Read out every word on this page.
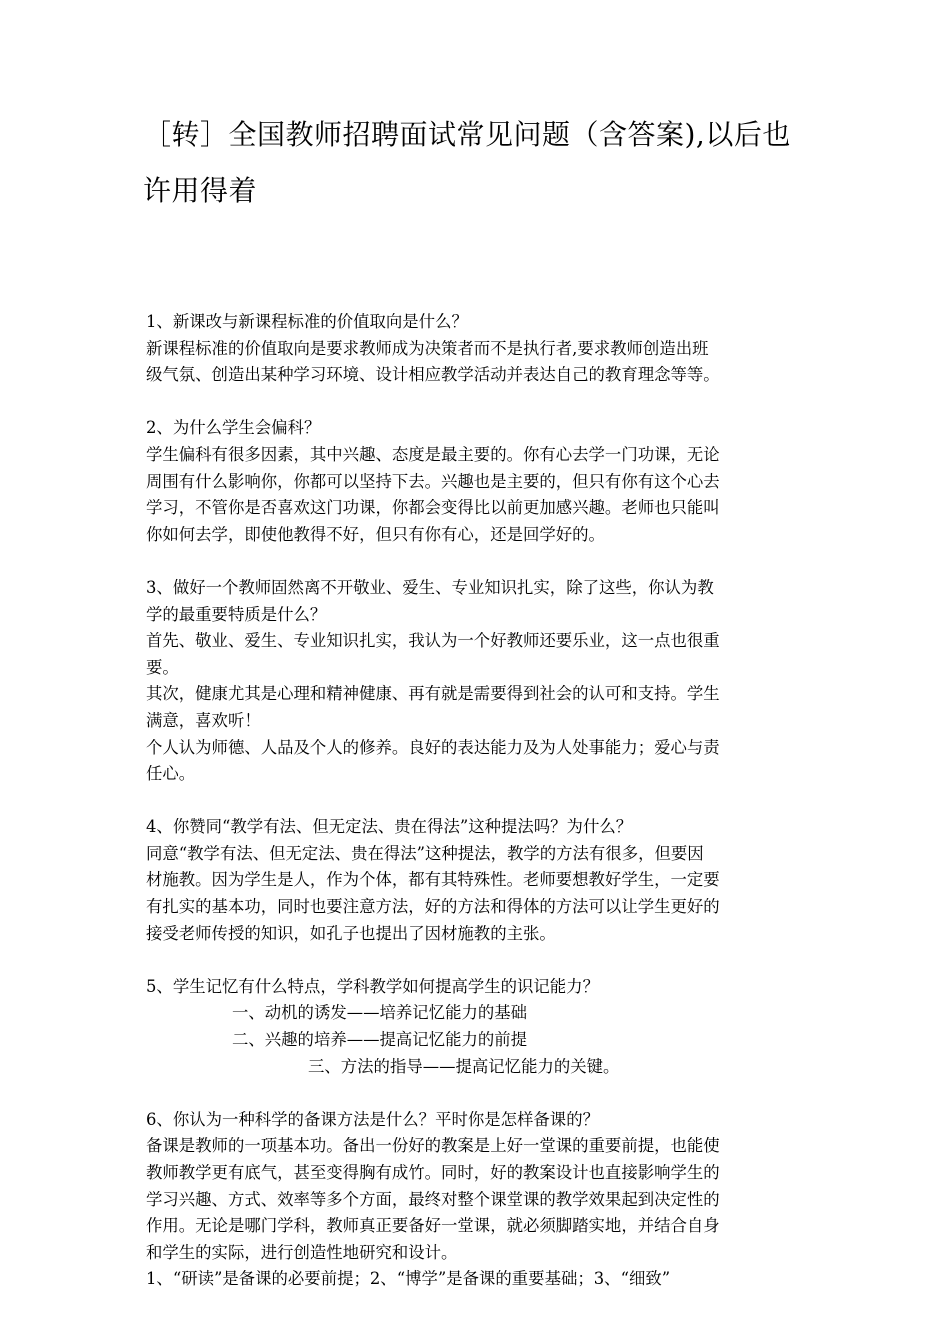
［转］全国教师招聘面试常见问题（含答案),以后也
许用得着
1、新课改与新课程标准的价值取向是什么？
新课程标准的价值取向是要求教师成为决策者而不是执行者,要求教师创造出班
级气氛、创造出某种学习环境、设计相应教学活动并表达自己的教育理念等等。
2、为什么学生会偏科？
学生偏科有很多因素，其中兴趣、态度是最主要的。你有心去学一门功课，无论
周围有什么影响你，你都可以坚持下去。兴趣也是主要的，但只有你有这个心去
学习，不管你是否喜欢这门功课，你都会变得比以前更加感兴趣。老师也只能叫
你如何去学，即使他教得不好，但只有你有心，还是回学好的。
3、做好一个教师固然离不开敬业、爱生、专业知识扎实，除了这些，你认为教
学的最重要特质是什么？
首先、敬业、爱生、专业知识扎实，我认为一个好教师还要乐业，这一点也很重
要。
其次，健康尤其是心理和精神健康、再有就是需要得到社会的认可和支持。学生
满意，喜欢听！
个人认为师德、人品及个人的修养。良好的表达能力及为人处事能力；爱心与责
任心。
4、你赞同“教学有法、但无定法、贵在得法”这种提法吗？为什么？
同意“教学有法、但无定法、贵在得法”这种提法，教学的方法有很多，但要因
材施教。因为学生是人，作为个体，都有其特殊性。老师要想教好学生，一定要
有扎实的基本功，同时也要注意方法，好的方法和得体的方法可以让学生更好的
接受老师传授的知识，如孔子也提出了因材施教的主张。
5、学生记忆有什么特点，学科教学如何提高学生的识记能力？
一、动机的诱发——培养记忆能力的基础
二、兴趣的培养——提高记忆能力的前提
三、方法的指导——提高记忆能力的关键。
6、你认为一种科学的备课方法是什么？平时你是怎样备课的？
备课是教师的一项基本功。备出一份好的教案是上好一堂课的重要前提，也能使
教师教学更有底气，甚至变得胸有成竹。同时，好的教案设计也直接影响学生的
学习兴趣、方式、效率等多个方面，最终对整个课堂课的教学效果起到决定性的
作用。无论是哪门学科，教师真正要备好一堂课，就必须脚踏实地，并结合自身
和学生的实际，进行创造性地研究和设计。
1、“研读”是备课的必要前提；2、“博学”是备课的重要基础；3、“细致”
